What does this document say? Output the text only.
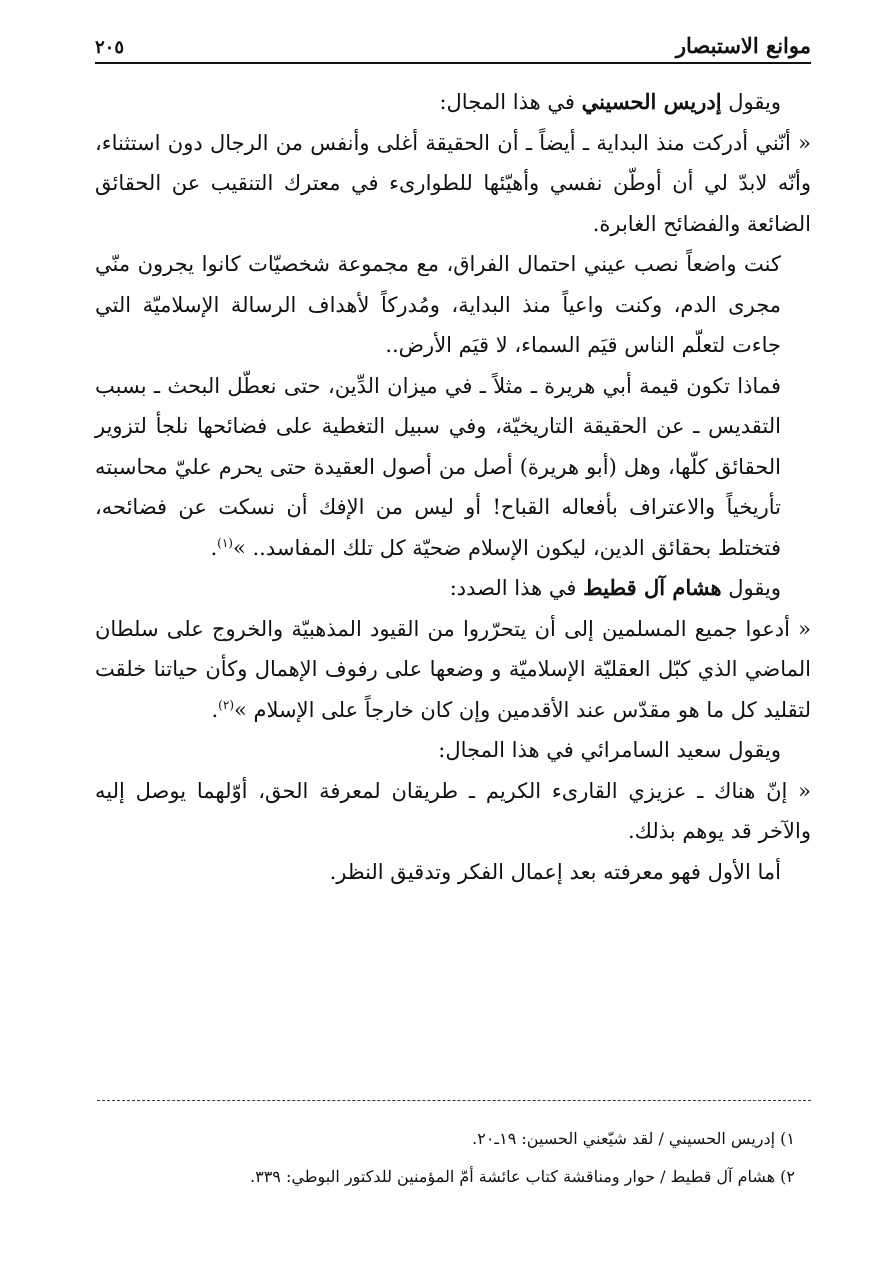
موانع الاستبصار
٢٠٥

ويقول إدريس الحسيني في هذا المجال:

« أنّني أدركت منذ البداية ـ أيضاً ـ أن الحقيقة أغلى وأنفس من الرجال دون استثناء، وأنّه لابدّ لي أن أوطّن نفسي وأهيّئها للطوارىء في معترك التنقيب عن الحقائق الضائعة والفضائح الغابرة.

كنت واضعاً نصب عيني احتمال الفراق، مع مجموعة شخصيّات كانوا يجرون منّي مجرى الدم، وكنت واعياً منذ البداية، ومُدركاً لأهداف الرسالة الإسلاميّة التي جاءت لتعلّم الناس قيَم السماء، لا قيَم الأرض..

فماذا تكون قيمة أبي هريرة ـ مثلاً ـ في ميزان الدِّين، حتى نعطّل البحث ـ بسبب التقديس ـ عن الحقيقة التاريخيّة، وفي سبيل التغطية على فضائحها نلجأ لتزوير الحقائق كلّها، وهل (أبو هريرة) أصل من أصول العقيدة حتى يحرم عليّ محاسبته تأريخياً والاعتراف بأفعاله القباح! أو ليس من الإفك أن نسكت عن فضائحه، فتختلط بحقائق الدين، ليكون الإسلام ضحيّة كل تلك المفاسد.. »$^{(١)}$.

ويقول هشام آل قطيط في هذا الصدد:

« أدعوا جميع المسلمين إلى أن يتحرّروا من القيود المذهبيّة والخروج على سلطان الماضي الذي كبّل العقليّة الإسلاميّة و وضعها على رفوف الإهمال وكأن حياتنا خلقت لتقليد كل ما هو مقدّس عند الأقدمين وإن كان خارجاً على الإسلام »$^{(٢)}$.

ويقول سعيد السامرائي في هذا المجال:

« إنّ هناك ـ عزيزي القارىء الكريم ـ طريقان لمعرفة الحق، أوّلهما يوصل إليه والآخر قد يوهم بذلك.

أما الأول فهو معرفته بعد إعمال الفكر وتدقيق النظر.

١) إدريس الحسيني / لقد شيّعني الحسين: ١٩ـ٢٠.

٢) هشام آل قطيط / حوار ومناقشة كتاب عائشة أمّ المؤمنين للدكتور البوطي: ٣٣٩.
